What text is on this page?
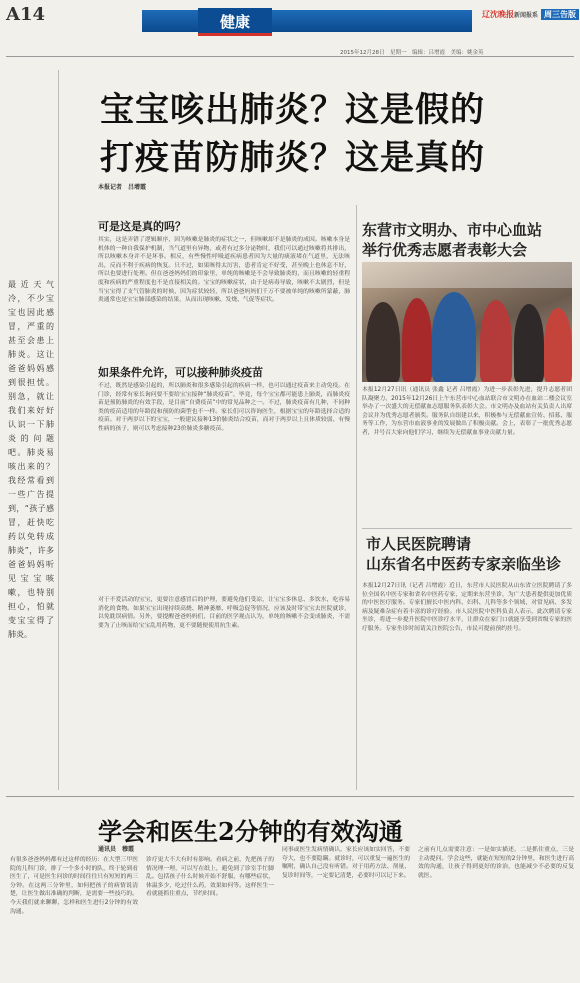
A14	健康	辽沈晚报新闻报系 周三告版
2015年12月28日　星期一　编辑：吕增霞　美编：姚金英
最近天气冷，不少宝宝也因此感冒，严重的甚至会患上肺炎。这让爸爸妈妈感到很担忧。别急，就让我们来好好认识一下肺炎的问题吧。肺炎易咳出来的？我经常看到一些广告提到，“孩子感冒，赶快吃药以免转成肺炎”，许多爸爸妈妈听见宝宝咳嗽，也特别担心，怕就变宝宝得了肺炎。
宝宝咳出肺炎？这是假的
打疫苗防肺炎？这是真的
本报记者　吕增霞
可是这是真的吗？
其实，这是弄错了逻辑顺序，因为咳嗽是肺炎的症状之一，但咳嗽却不是肺炎的成因。咳嗽本身是机体的一种自我保护机制，当气道里有异物，或者有过多分泌物时，我们可以通过咳嗽将其排出，所以咳嗽本身并不是坏事。相反，有些慢性呼吸道疾病患者因为大量的痰液堵在气道里，无法咳出，反而不利于疾病的恢复。只不过，如果咳得太厉害，患者肯定不好受，甚至晚上也休息不好，所以也要进行处理。但在爸爸妈妈们的印象里，单纯的咳嗽是不会导致肺炎的，而且咳嗽的轻重程度和疾病的严重程度也不是直接相关的。宝宝的咳嗽症状，由于是病毒导致，咳嗽不太剧烈，但是当宝宝得了支气管肺炎的时候，因为症状较轻，所以爸爸妈妈们千万不要被单纯的咳嗽所蒙蔽，肺炎通常也是宝宝肺部感染的结果，从而出现咳嗽、发烧、气促等症状。
如果条件允许，可以接种肺炎疫苗
不过，既然是感染引起的，所以肺炎和很多感染引起的疾病一样，也可以通过疫苗来主动免疫。在门诊，经常有家长询问要不要给宝宝接种“肺炎疫苗”，毕竟，每个宝宝都可能患上肺炎，而肺炎疫苗是预防肺炎的有效手段，是目前“自费疫苗”中的常见品种之一。不过，肺炎疫苗有几种，不同种类的疫苗适用的年龄段和预防的菌型也不一样。家长们可以咨询医生，根据宝宝的年龄选择合适的疫苗。对于两岁以下的宝宝，一般建议接种13价肺炎结合疫苗，而对于两岁以上且体质较弱、有慢性病的孩子，则可以考虑接种23价肺炎多糖疫苗。
对于不爱活动的宝宝，更要注意感冒后的护理，要避免他们受凉，让宝宝多休息、多饮水，吃容易消化的食物。如果宝宝出现持续高烧、精神萎靡、呼吸急促等情况，应该及时带宝宝去医院就诊，以免耽误病情。另外，要提醒爸爸妈妈们，目前的医学观点认为，单纯的咳嗽不会变成肺炎，不需要为了止咳而给宝宝乱用药物，更不要随便使用抗生素。
东营市文明办、市中心血站
举行优秀志愿者表彰大会
本报12月27日讯（通讯员 张鑫 记者 吕增霞）为进一步表彰先进，提升志愿者团队凝聚力，2015年12月26日上午东营市中心血站联合市文明办在血站二楼会议室举办了一次盛大的无偿献血志愿服务队表彰大会。市文明办及血站有关负责人出席会议并为优秀志愿者颁奖。服务队自组建以来，积极参与无偿献血宣传、招募、服务等工作，为东营市血液事业的发展做出了积极贡献。会上，表彰了一批优秀志愿者，并号召大家向他们学习，继续为无偿献血事业贡献力量。
市人民医院聘请
山东省名中医药专家亲临坐诊
本报12月27日讯（记者 吕增霞）近日，东营市人民医院从山东省立医院聘请了多位全国名中医专家和省名中医药专家，定期来东营坐诊，为广大患者提供更加优质的中医医疗服务。专家们擅长中医内科、妇科、儿科等多个领域，对常见病、多发病及疑难杂症有着丰富的诊疗经验。市人民医院中医科负责人表示，此次聘请专家坐诊，将进一步提升医院中医诊疗水平，让群众在家门口就能享受到省级专家的医疗服务。专家坐诊时间请关注医院公告，市民可提前预约挂号。
学会和医生2分钟的有效沟通
通讯员　穆霞
有很多爸爸妈妈都有过这样的经历：在大型三甲医院的儿科门诊，排了一个多小时的队，终于轮到看医生了，可是医生问诊的时间往往只有短短的两三分钟。在这两三分钟里，如何把孩子的病情说清楚，让医生做出准确的判断，是需要一些技巧的。今天我们就来聊聊，怎样和医生进行2分钟的有效沟通。
诊疗更大不大有时有影响。看病之前，先把孩子的情况理一理，可以写在纸上，避免到了诊室手忙脚乱。包括孩子什么时候开始不舒服，有哪些症状，体温多少，吃过什么药，效果如何等。这样医生一看就能抓住重点，节约时间。
同事或医生发病情确认，家长应该如实回答，不要夸大，也不要隐瞒。就诊时，可以重复一遍医生的嘱咐，确认自己没有听错。对于用药方法、剂量、复诊时间等，一定要记清楚，必要时可以记下来。
之前有几点需要注意：一是如实描述，二是抓住重点，三是主动提问。学会这些，就能在短短的2分钟里，和医生进行高效的沟通，让孩子得到更好的诊治，也能减少不必要的反复就医。
